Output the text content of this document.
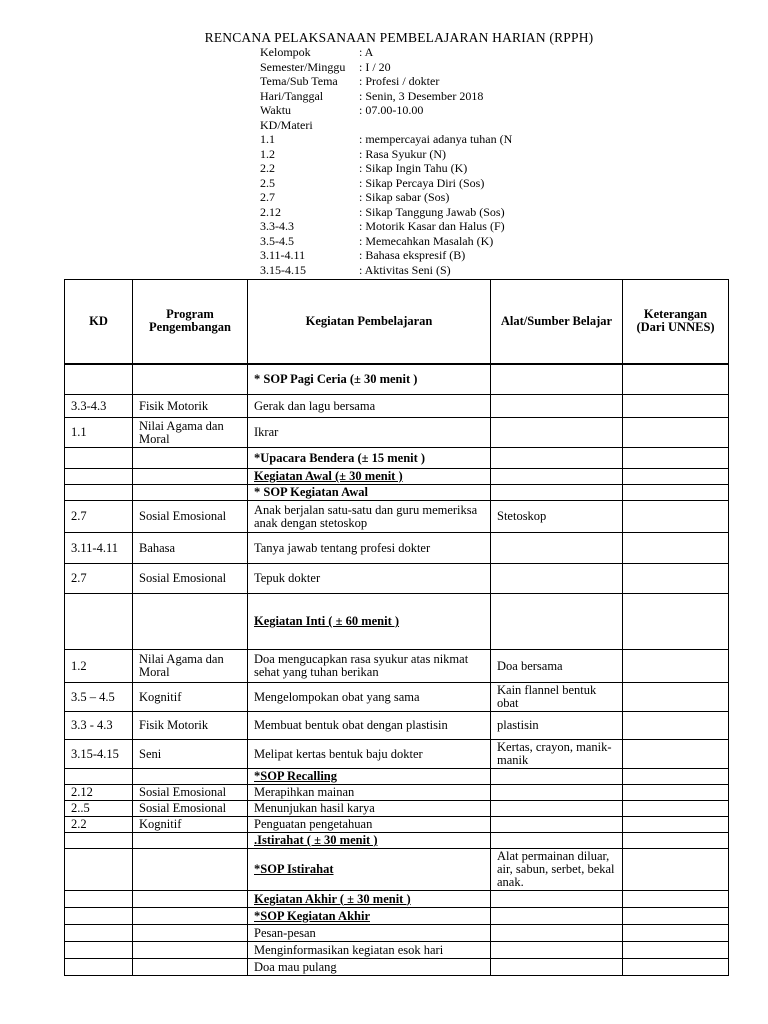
RENCANA PELAKSANAAN PEMBELAJARAN HARIAN (RPPH)
Kelompok	: A
Semester/Minggu	: I / 20
Tema/Sub Tema	: Profesi / dokter
Hari/Tanggal	: Senin, 3 Desember 2018
Waktu	: 07.00-10.00
KD/Materi
1.1	: mempercayai adanya tuhan (N
1.2	: Rasa Syukur (N)
2.2	: Sikap Ingin Tahu (K)
2.5	: Sikap Percaya Diri (Sos)
2.7	: Sikap sabar (Sos)
2.12	: Sikap Tanggung Jawab (Sos)
3.3-4.3	: Motorik Kasar dan Halus (F)
3.5-4.5	: Memecahkan Masalah (K)
3.11-4.11	: Bahasa ekspresif (B)
3.15-4.15	: Aktivitas Seni (S)
KD	Program Pengembangan	Kegiatan Pembelajaran	Alat/Sumber Belajar	Keterangan (Dari UNNES)
		* SOP Pagi Ceria (± 30 menit )		
3.3-4.3	Fisik Motorik	Gerak dan lagu bersama		
1.1	Nilai Agama dan Moral	Ikrar		
		*Upacara Bendera (± 15 menit )		
		Kegiatan Awal (± 30 menit )		
		* SOP Kegiatan Awal		
2.7	Sosial Emosional	Anak berjalan satu-satu dan guru memeriksa anak dengan stetoskop	Stetoskop	
3.11-4.11	Bahasa	Tanya jawab tentang profesi dokter		
2.7	Sosial Emosional	Tepuk dokter		
		Kegiatan Inti ( ± 60 menit )		
1.2	Nilai Agama dan Moral	Doa mengucapkan rasa syukur atas nikmat sehat yang tuhan berikan	Doa bersama	
3.5 – 4.5	Kognitif	Mengelompokan obat yang sama	Kain flannel bentuk obat	
3.3 - 4.3	Fisik Motorik	Membuat bentuk obat dengan plastisin	plastisin	
3.15-4.15	Seni	Melipat kertas bentuk baju dokter	Kertas, crayon, manik-manik	
		*SOP Recalling		
2.12	Sosial Emosional	Merapihkan mainan		
2..5	Sosial Emosional	Menunjukan hasil karya		
2.2	Kognitif	Penguatan pengetahuan		
		.Istirahat ( ± 30 menit )		
		*SOP Istirahat	Alat permainan diluar, air, sabun, serbet, bekal anak.	
		Kegiatan Akhir ( ± 30 menit )		
		*SOP Kegiatan Akhir		
		Pesan-pesan		
		Menginformasikan kegiatan esok hari		
		Doa mau pulang		
